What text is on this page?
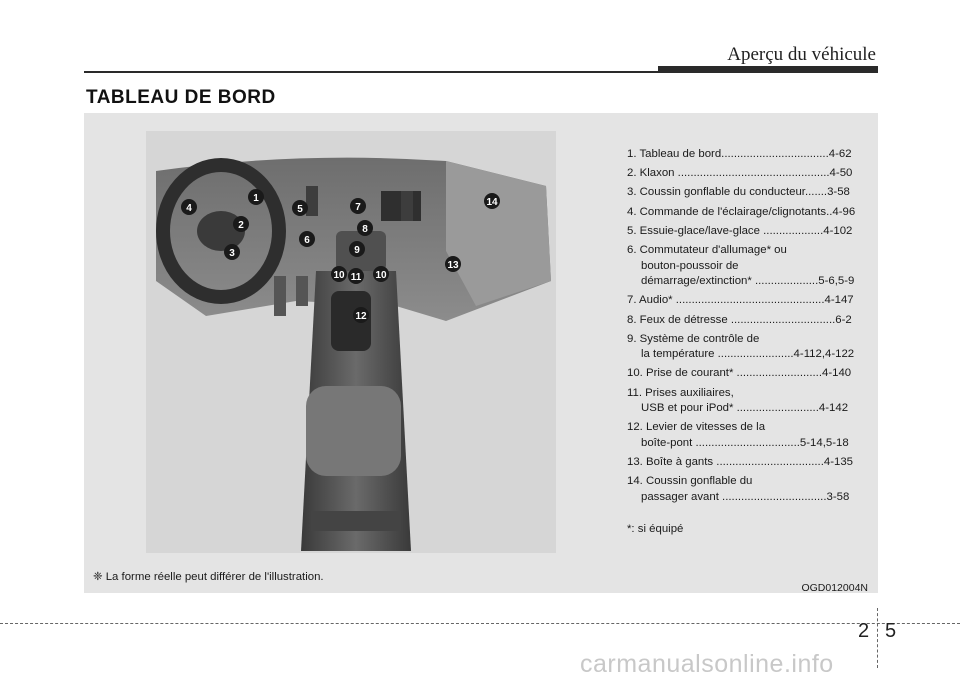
Aperçu du véhicule
TABLEAU DE BORD
1
2
3
4	5
6
7
8
9
10 11 10
12
13
14
1. Tableau de bord..................................4-62
2. Klaxon ................................................4-50
3. Coussin gonflable du conducteur.......3-58
4. Commande de l'éclairage/clignotants..4-96
5. Essuie-glace/lave-glace ...................4-102
6. Commutateur d'allumage* ou
bouton-poussoir de
démarrage/extinction* ....................5-6,5-9
7. Audio* ...............................................4-147
8. Feux de détresse .................................6-2
9. Système de contrôle de
la température ........................4-112,4-122
10. Prise de courant* ...........................4-140
11. Prises auxiliaires,
USB et pour iPod* ..........................4-142
12. Levier de vitesses de la
boîte-pont .................................5-14,5-18
13. Boîte à gants ..................................4-135
14. Coussin gonflable du
passager avant .................................3-58
*: si équipé
❈ La forme réelle peut différer de l'illustration.
OGD012004N
2 5
carmanualsonline.info
